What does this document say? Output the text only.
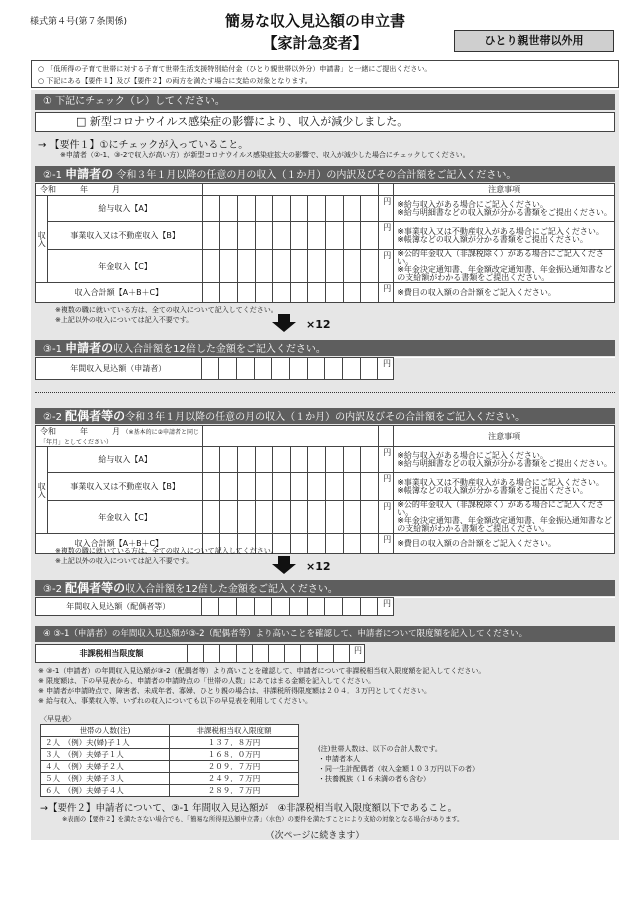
様式第４号(第７条関係)	簡易な収入見込額の申立書
【家計急変者】	ひとり親世帯以外用
○ 「低所得の子育て世帯に対する子育て世帯生活支援特別給付金（ひとり親世帯以外分）申請書」と一緒にご提出ください。
○ 下記にある【要件１】及び【要件２】の両方を満たす場合に支給の対象となります。
① 下記にチェック（レ）してください。
□ 新型コロナウイルス感染症の影響により、収入が減少しました。
→ 【要件１】①にチェックが入っていること。
※申請者（②-1、③-2で収入が高い方）が新型コロナウイルス感染症拡大の影響で、収入が減少した場合にチェックしてください。
②-1 申請者の 令和３年１月以降の任意の月の収入（１か月）の内訳及びその合計額をご記入ください。
令和　　　年　　　月													注意事項
収入	給与収入【A】											円	※給与収入がある場合にご記入ください。
※給与明細書などの収入額が分かる書類をご提出ください。

	事業収入又は不動産収入【B】											円	※事業収入又は不動産収入がある場合にご記入ください。
※帳簿などの収入額が分かる書類をご提出ください。

	年金収入【C】											円	※公的年金収入（非課税除く）がある場合にご記入ください。
※年金決定通知書、年金額改定通知書、年金振込通知書などの支給額がわかる書類をご提出ください。

収入合計額【A＋B＋C】												円	※費目の収入額の合計額をご記入ください。
※複数の職に就いている方は、全ての収入について記入してください。
※上記以外の収入については記入不要です。	×12
③-1 申請者の収入合計額を12倍した金額をご記入ください。
年間収入見込額（申請者）											円	
②-2 配偶者等の令和３年１月以降の任意の月の収入（１か月）の内訳及びその合計額をご記入ください。
令和　　　年　　　月 （※基本的に②申請者と同じ「年月」としてください）													注意事項
収入	給与収入【A】											円	※給与収入がある場合にご記入ください。
※給与明細書などの収入額が分かる書類をご提出ください。

	事業収入又は不動産収入【B】											円	※事業収入又は不動産収入がある場合にご記入ください。
※帳簿などの収入額が分かる書類をご提出ください。

	年金収入【C】											円	※公的年金収入（非課税除く）がある場合にご記入ください。
※年金決定通知書、年金額改定通知書、年金振込通知書などの支給額がわかる書類をご提出ください。

収入合計額【A＋B＋C】												円	※費目の収入額の合計額をご記入ください。
※複数の職に就いている方は、全ての収入について記入してください。
※上記以外の収入については記入不要です。	×12
③-2 配偶者等の収入合計額を12倍した金額をご記入ください。
年間収入見込額（配偶者等）											円	
④ ③-1（申請者）の年間収入見込額が③-2（配偶者等）より高いことを確認して、申請者について限度額を記入してください。
非課税相当限度額											円
※ ③-1（申請者）の年間収入見込額が③-2（配偶者等）より高いことを確認して、申請者について非課税相当収入限度額を記入してください。
※ 限度額は、下の早見表から、申請者の申請時点の「世帯の人数」にあてはまる金額を記入してください。
※ 申請者が申請時点で、障害者、未成年者、寡婦、ひとり親の場合は、非課税所得限度額は２０４．３万円としてください。
※ 給与収入、事業収入等、いずれの収入についても以下の早見表を利用してください。
〈早見表〉
世帯の人数(注)	非課税相当収入限度額
２人　（例）夫(婦)子１人	１３７．８万円
３人　（例）夫婦子１人	１６８．０万円
４人　（例）夫婦子２人	２０９．７万円
５人　（例）夫婦子３人	２４９．７万円
６人　（例）夫婦子４人	２８９．７万円
(注)世帯人数は、以下の合計人数です。
・申請者本人
・同一生計配偶者（収入金額１０３万円以下の者）
・扶養親族（１６未満の者も含む）
→【要件２】申請者について、③-1 年間収入見込額が　④非課税相当収入限度額以下であること。
※表面の【要件２】を満たさない場合でも、「簡易な所得見込額申立書」（水色）の要件を満たすことにより支給の対象となる場合があります。
（次ページに続きます）
